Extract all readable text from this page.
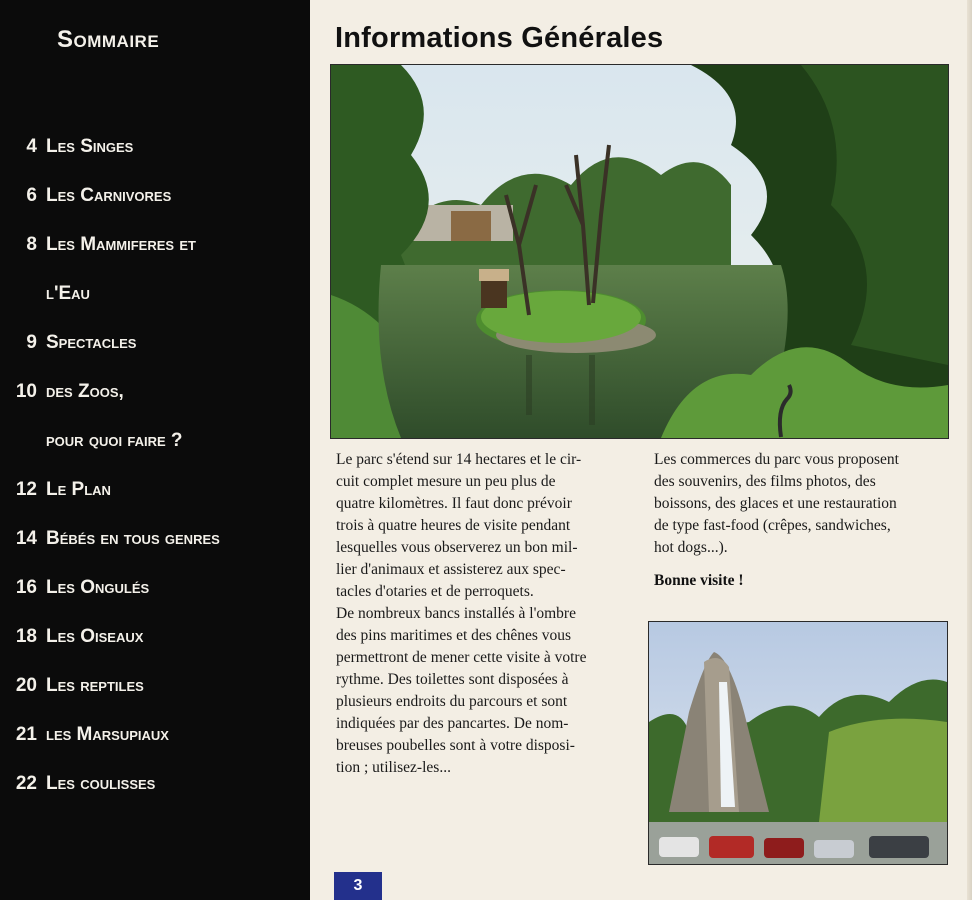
Sommaire
4 Les Singes
6 Les Carnivores
8 Les Mammiferes et
l'Eau
9 Spectacles
10 des Zoos,
pour quoi faire ?
12 Le Plan
14 Bébés en tous genres
16 Les Ongulés
18 Les Oiseaux
20 Les reptiles
21 les Marsupiaux
22 Les coulisses
Informations Générales

Le parc s'étend sur 14 hectares et le cir-
cuit complet mesure un peu plus de
quatre kilomètres. Il faut donc prévoir
trois à quatre heures de visite pendant
lesquelles vous observerez un bon mil-
lier d'animaux et assisterez aux spec-
tacles d'otaries et de perroquets.

De nombreux bancs installés à l'ombre
des pins maritimes et des chênes vous
permettront de mener cette visite à votre
rythme. Des toilettes sont disposées à
plusieurs endroits du parcours et sont
indiquées par des pancartes. De nom-
breuses poubelles sont à votre disposi-
tion ; utilisez-les...

Les commerces du parc vous proposent
des souvenirs, des films photos, des
boissons, des glaces et une restauration
de type fast-food (crêpes, sandwiches,
hot dogs...).

Bonne visite !

3
